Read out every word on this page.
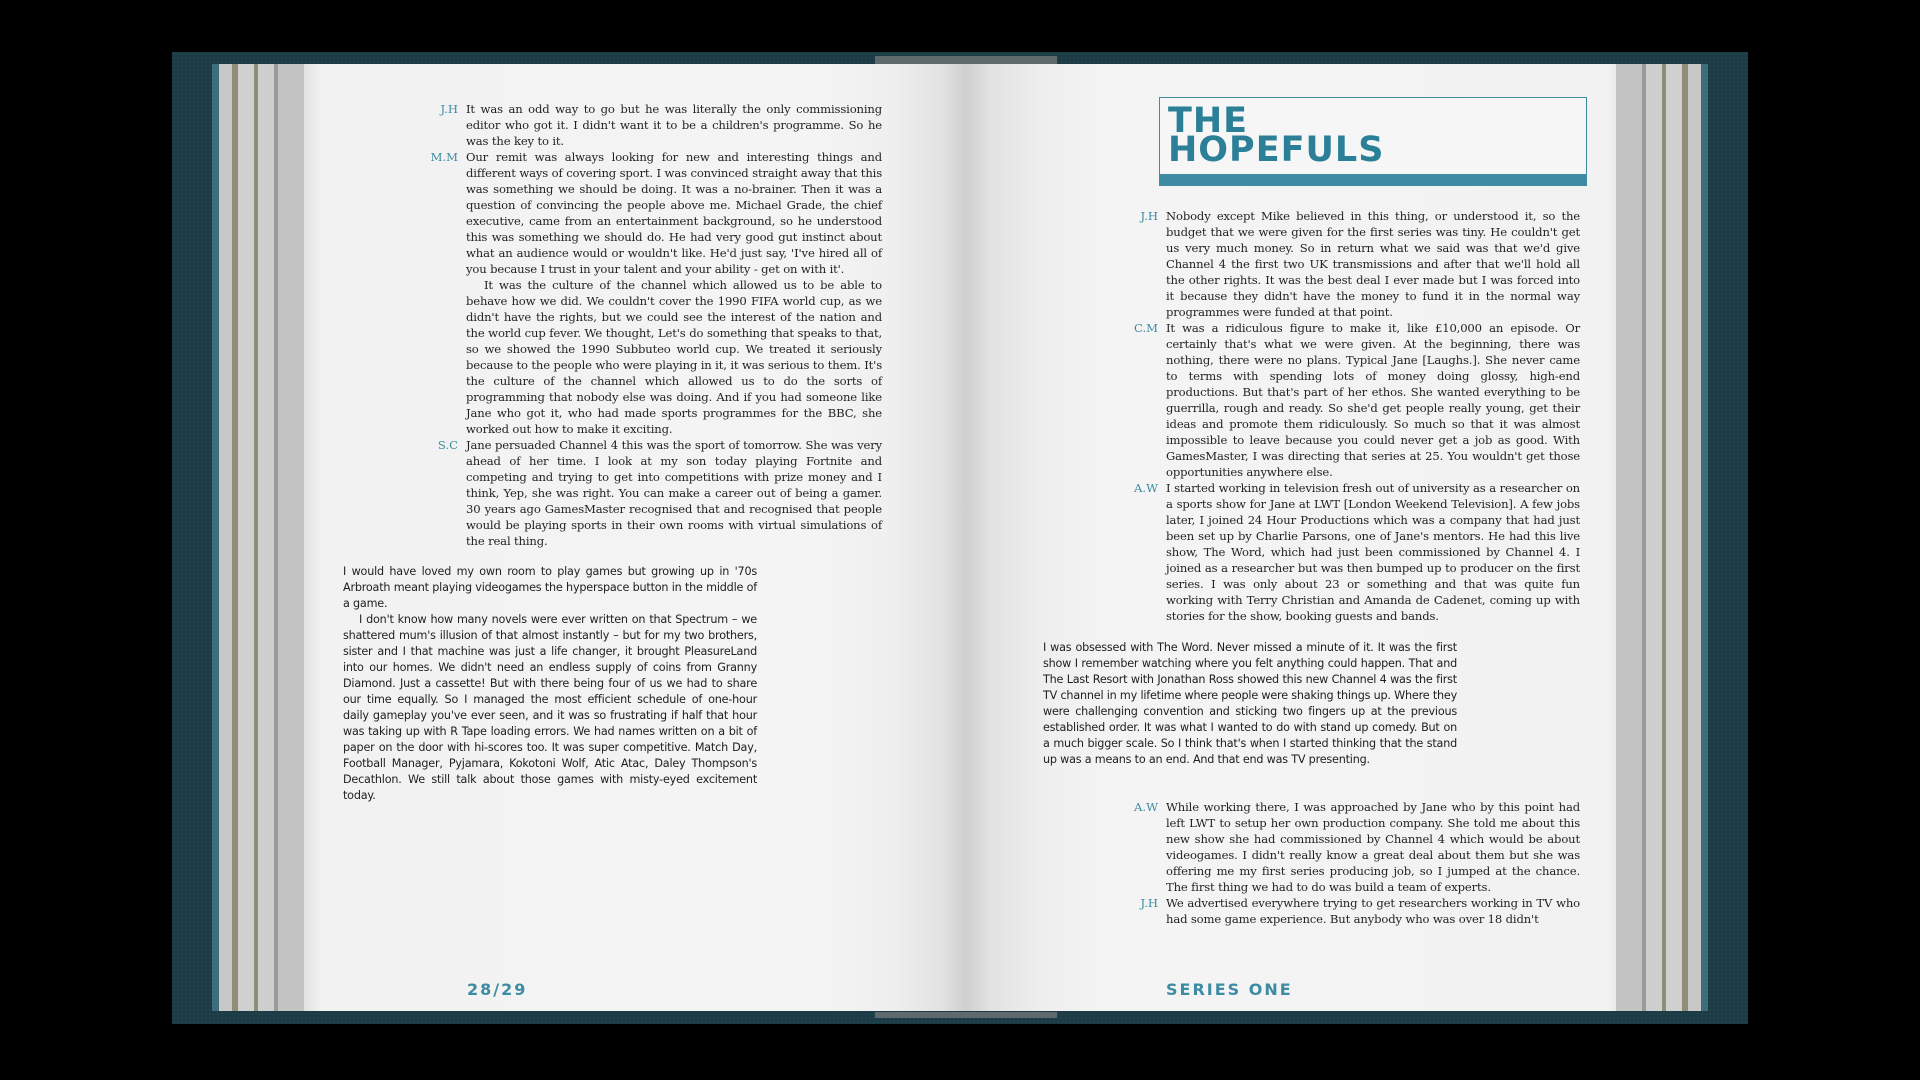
J.H It was an odd way to go but he was literally the only commissioning editor who got it. I didn't want it to be a children's programme. So he was the key to it.

M.M Our remit was always looking for new and interesting things and different ways of covering sport. I was convinced straight away that this was something we should be doing. It was a no-brainer. Then it was a question of convincing the people above me. Michael Grade, the chief executive, came from an entertainment background, so he understood this was something we should do. He had very good gut instinct about what an audience would or wouldn't like. He'd just say, 'I've hired all of you because I trust in your talent and your ability - get on with it'.

It was the culture of the channel which allowed us to be able to behave how we did. We couldn't cover the 1990 FIFA world cup, as we didn't have the rights, but we could see the interest of the nation and the world cup fever. We thought, Let's do something that speaks to that, so we showed the 1990 Subbuteo world cup. We treated it seriously because to the people who were playing in it, it was serious to them. It's the culture of the channel which allowed us to do the sorts of programming that nobody else was doing. And if you had someone like Jane who got it, who had made sports programmes for the BBC, she worked out how to make it exciting.

S.C Jane persuaded Channel 4 this was the sport of tomorrow. She was very ahead of her time. I look at my son today playing Fortnite and competing and trying to get into competitions with prize money and I think, Yep, she was right. You can make a career out of being a gamer. 30 years ago GamesMaster recognised that and recognised that people would be playing sports in their own rooms with virtual simulations of the real thing.

I would have loved my own room to play games but growing up in '70s Arbroath meant playing videogames the hyperspace button in the middle of a game.

I don't know how many novels were ever written on that Spectrum – we shattered mum's illusion of that almost instantly – but for my two brothers, sister and I that machine was just a life changer, it brought PleasureLand into our homes. We didn't need an endless supply of coins from Granny Diamond. Just a cassette! But with there being four of us we had to share our time equally. So I managed the most efficient schedule of one-hour daily gameplay you've ever seen, and it was so frustrating if half that hour was taking up with R Tape loading errors. We had names written on a bit of paper on the door with hi-scores too. It was super competitive. Match Day, Football Manager, Pyjamara, Kokotoni Wolf, Atic Atac, Daley Thompson's Decathlon. We still talk about those games with misty-eyed excitement today.

28/29
THE
HOPEFULS
J.H Nobody except Mike believed in this thing, or understood it, so the budget that we were given for the first series was tiny. He couldn't get us very much money. So in return what we said was that we'd give Channel 4 the first two UK transmissions and after that we'll hold all the other rights. It was the best deal I ever made but I was forced into it because they didn't have the money to fund it in the normal way programmes were funded at that point.

C.M It was a ridiculous figure to make it, like £10,000 an episode. Or certainly that's what we were given. At the beginning, there was nothing, there were no plans. Typical Jane [Laughs.]. She never came to terms with spending lots of money doing glossy, high-end productions. But that's part of her ethos. She wanted everything to be guerrilla, rough and ready. So she'd get people really young, get their ideas and promote them ridiculously. So much so that it was almost impossible to leave because you could never get a job as good. With GamesMaster, I was directing that series at 25. You wouldn't get those opportunities anywhere else.

A.W I started working in television fresh out of university as a researcher on a sports show for Jane at LWT [London Weekend Television]. A few jobs later, I joined 24 Hour Productions which was a company that had just been set up by Charlie Parsons, one of Jane's mentors. He had this live show, The Word, which had just been commissioned by Channel 4. I joined as a researcher but was then bumped up to producer on the first series. I was only about 23 or something and that was quite fun working with Terry Christian and Amanda de Cadenet, coming up with stories for the show, booking guests and bands.

I was obsessed with The Word. Never missed a minute of it. It was the first show I remember watching where you felt anything could happen. That and The Last Resort with Jonathan Ross showed this new Channel 4 was the first TV channel in my lifetime where people were shaking things up. Where they were challenging convention and sticking two fingers up at the previous established order. It was what I wanted to do with stand up comedy. But on a much bigger scale. So I think that's when I started thinking that the stand up was a means to an end. And that end was TV presenting.

A.W While working there, I was approached by Jane who by this point had left LWT to setup her own production company. She told me about this new show she had commissioned by Channel 4 which would be about videogames. I didn't really know a great deal about them but she was offering me my first series producing job, so I jumped at the chance. The first thing we had to do was build a team of experts.

J.H We advertised everywhere trying to get researchers working in TV who had some game experience. But anybody who was over 18 didn't

SERIES ONE
